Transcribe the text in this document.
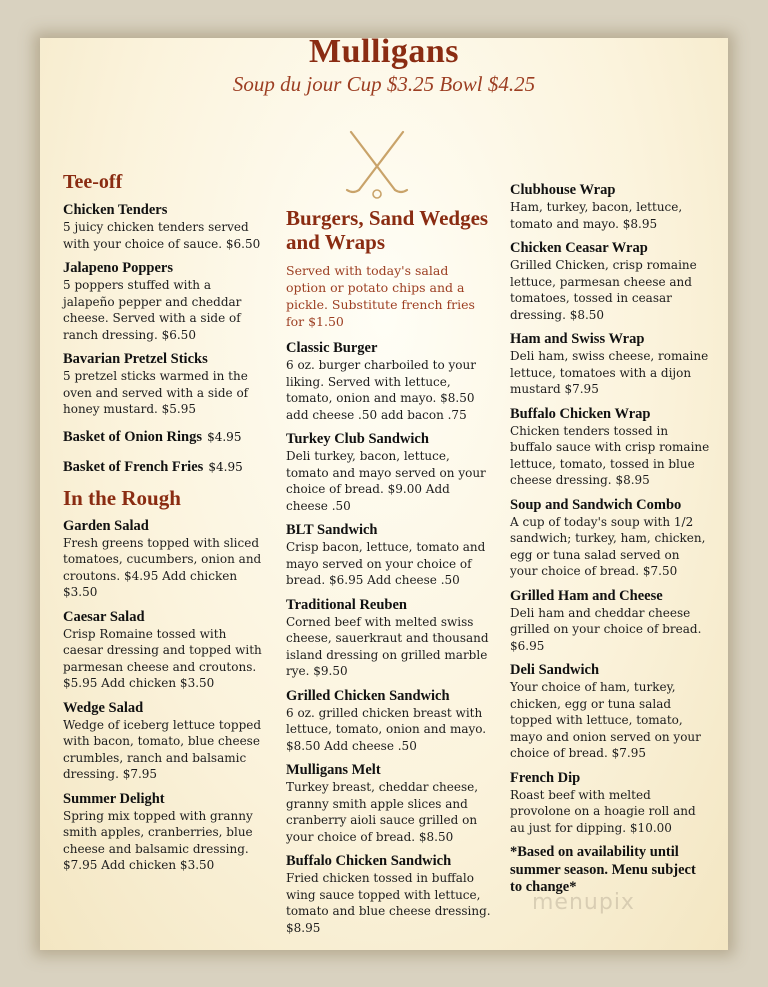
Mulligans
Soup du jour Cup $3.25 Bowl $4.25
Tee-off
Chicken Tenders
5 juicy chicken tenders served with your choice of sauce. $6.50
Jalapeno Poppers
5 poppers stuffed with a jalapeño pepper and cheddar cheese. Served with a side of ranch dressing. $6.50
Bavarian Pretzel Sticks
5 pretzel sticks warmed in the oven and served with a side of honey mustard. $5.95
Basket of Onion Rings $4.95
Basket of French Fries $4.95
In the Rough
Garden Salad
Fresh greens topped with sliced tomatoes, cucumbers, onion and croutons. $4.95 Add chicken $3.50
Caesar Salad
Crisp Romaine tossed with caesar dressing and topped with parmesan cheese and croutons. $5.95 Add chicken $3.50
Wedge Salad
Wedge of iceberg lettuce topped with bacon, tomato, blue cheese crumbles, ranch and balsamic dressing. $7.95
Summer Delight
Spring mix topped with granny smith apples, cranberries, blue cheese and balsamic dressing. $7.95 Add chicken $3.50
Burgers, Sand Wedges and Wraps
Served with today's salad option or potato chips and a pickle. Substitute french fries for $1.50
Classic Burger
6 oz. burger charboiled to your liking. Served with lettuce, tomato, onion and mayo. $8.50 add cheese .50 add bacon .75
Turkey Club Sandwich
Deli turkey, bacon, lettuce, tomato and mayo served on your choice of bread. $9.00 Add cheese .50
BLT Sandwich
Crisp bacon, lettuce, tomato and mayo served on your choice of bread. $6.95 Add cheese .50
Traditional Reuben
Corned beef with melted swiss cheese, sauerkraut and thousand island dressing on grilled marble rye. $9.50
Grilled Chicken Sandwich
6 oz. grilled chicken breast with lettuce, tomato, onion and mayo. $8.50 Add cheese .50
Mulligans Melt
Turkey breast, cheddar cheese, granny smith apple slices and cranberry aioli sauce grilled on your choice of bread. $8.50
Buffalo Chicken Sandwich
Fried chicken tossed in buffalo wing sauce topped with lettuce, tomato and blue cheese dressing. $8.95
Clubhouse Wrap
Ham, turkey, bacon, lettuce, tomato and mayo. $8.95
Chicken Ceasar Wrap
Grilled Chicken, crisp romaine lettuce, parmesan cheese and tomatoes, tossed in ceasar dressing. $8.50
Ham and Swiss Wrap
Deli ham, swiss cheese, romaine lettuce, tomatoes with a dijon mustard $7.95
Buffalo Chicken Wrap
Chicken tenders tossed in buffalo sauce with crisp romaine lettuce, tomato, tossed in blue cheese dressing. $8.95
Soup and Sandwich Combo
A cup of today's soup with 1/2 sandwich; turkey, ham, chicken, egg or tuna salad served on your choice of bread. $7.50
Grilled Ham and Cheese
Deli ham and cheddar cheese grilled on your choice of bread. $6.95
Deli Sandwich
Your choice of ham, turkey, chicken, egg or tuna salad topped with lettuce, tomato, mayo and onion served on your choice of bread. $7.95
French Dip
Roast beef with melted provolone on a hoagie roll and au just for dipping. $10.00
*Based on availability until summer season. Menu subject to change*
menupix
